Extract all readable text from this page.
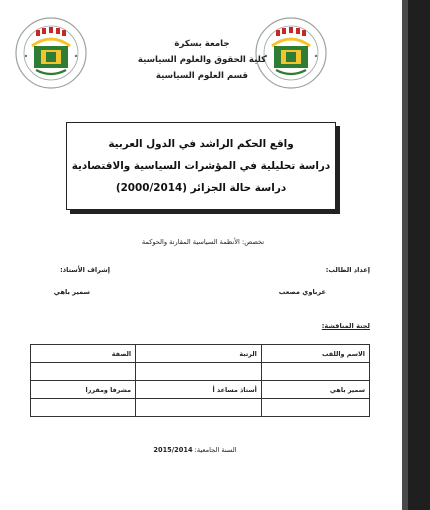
جامعة بسكرة
كلية الحقوق والعلوم السياسية
قسم العلوم السياسية
واقع الحكم الراشد في الدول العربية
دراسة تحليلية في المؤشرات السياسية والاقتصادية
دراسة حالة الجزائر (2000/2014)
تخصص: الأنظمة السياسية المقارنة والحوكمة
إعداد الطالب:
عرباوي مصعب
إشراف الأستاذ:
سمير باهي
لجنة المناقشة:
الاسم واللقب	الرتبة	الصفة

سمير باهي	أستاذ مساعد أ	مشرفا ومقررا

السنة الجامعية: 2015/2014
